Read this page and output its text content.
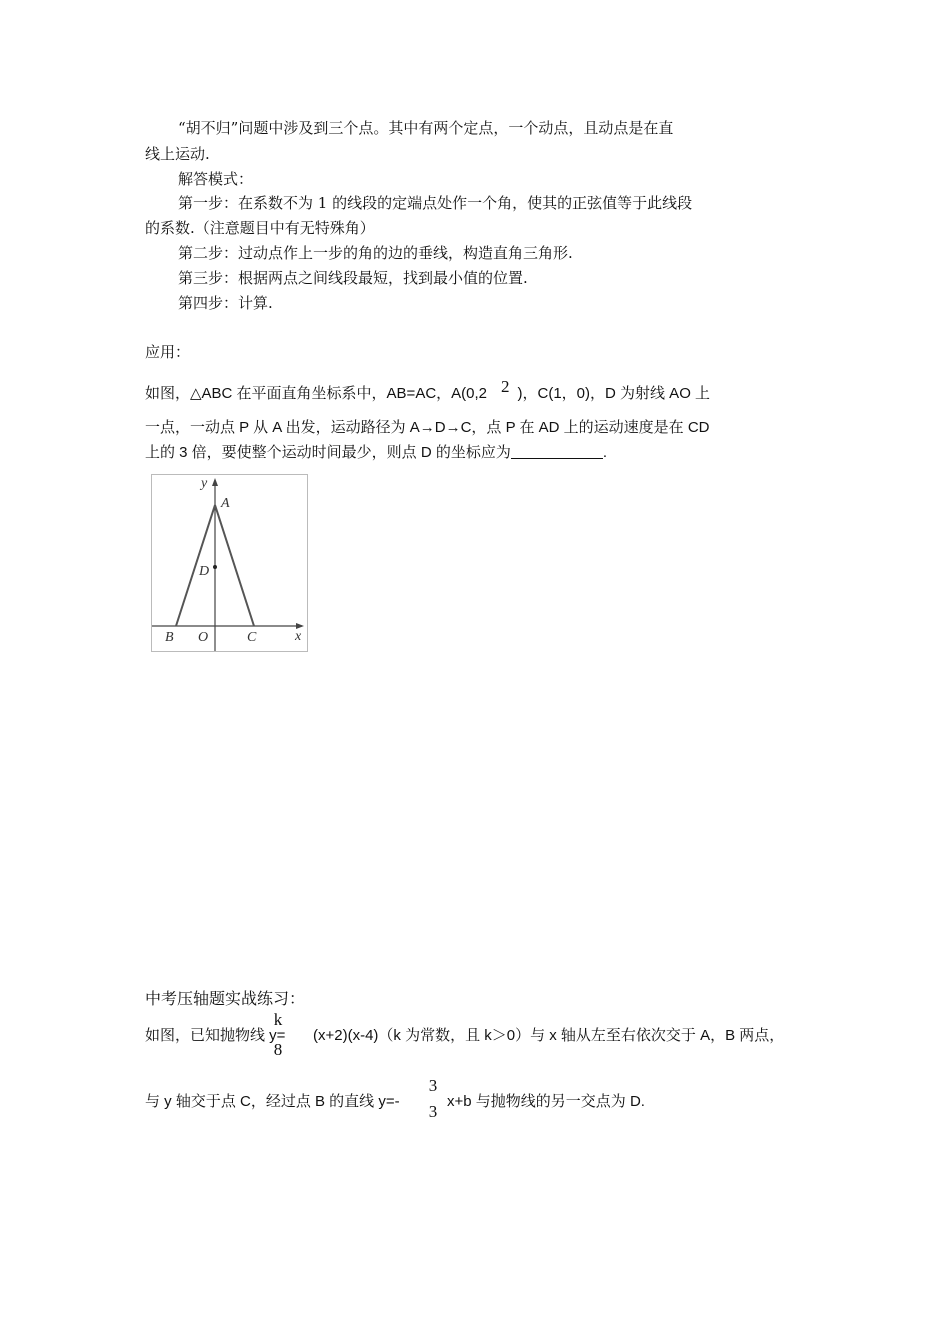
“胡不归”问题中涉及到三个点。其中有两个定点，一个动点，且动点是在直
线上运动.
解答模式：
第一步：在系数不为 1 的线段的定端点处作一个角，使其的正弦值等于此线段
的系数.（注意题目中有无特殊角）
第二步：过动点作上一步的角的边的垂线，构造直角三角形.
第三步：根据两点之间线段最短，找到最小值的位置.
第四步：计算.
应用：
如图，△ABC 在平面直角坐标系中，AB=AC，A(0,2 2 )，C(1，0)，D 为射线 AO 上
一点，一动点 P 从 A 出发，运动路径为 A→D→C，点 P 在 AD 上的运动速度是在 CD
上的 3 倍，要使整个运动时间最少，则点 D 的坐标应为	.
y
A
D
B O	C	x
中考压轴题实战练习：
如图，已知抛物线 y=
k
8
(x+2)(x-4)（k 为常数，且 k＞0）与 x 轴从左至右依次交于 A，B 两点，
与 y 轴交于点 C，经过点 B 的直线 y=-
3
3
x+b 与抛物线的另一交点为 D.
